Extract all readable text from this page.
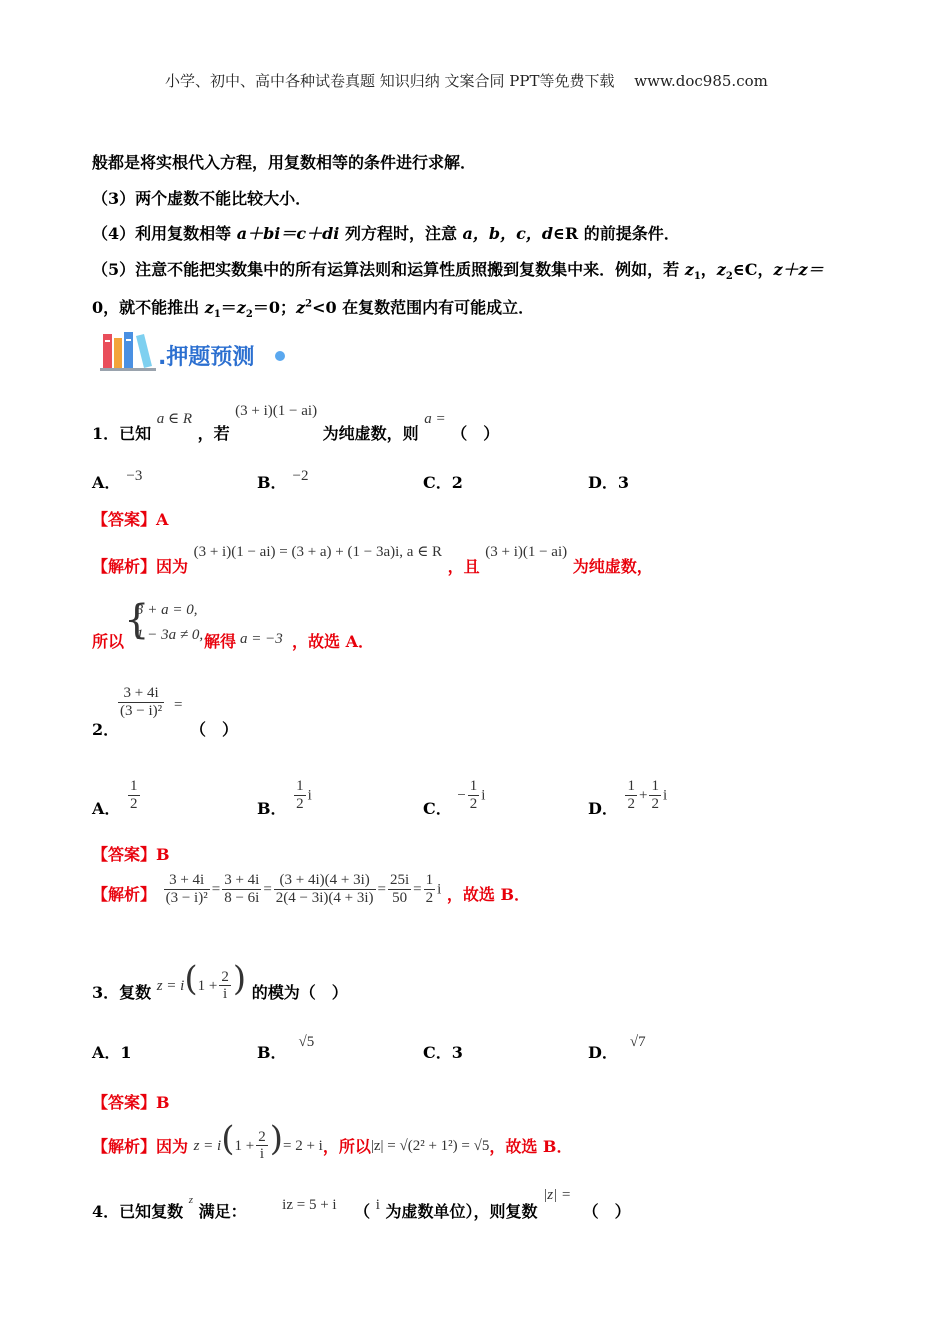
小学、初中、高中各种试卷真题 知识归纳 文案合同 PPT等免费下载　 www.doc985.com
般都是将实根代入方程，用复数相等的条件进行求解．
（3）两个虚数不能比较大小．
（4）利用复数相等 a＋bi＝c＋di 列方程时，注意 a，b，c，d∈R 的前提条件．
（5）注意不能把实数集中的所有运算法则和运算性质照搬到复数集中来．例如，若 $z_1$，$z_2\in C$，z＋z＝
0，就不能推出 $z_1=z_2=0$；$z^2<0$ 在复数范围内有可能成立．
.押题预测
1．已知 a ∈ R ，若 (3 + i)(1 − ai) 为纯虚数，则 a = （　）
A． −3	B． −2	C．2	D．3
【答案】A
【解析】因为 (3 + i)(1 − ai) = (3 + a) + (1 − 3a)i, a ∈ R ，且 (3 + i)(1 − ai) 为纯虚数，
所以 {
3 + a = 0,
1 − 3a ≠ 0, 解得 a = −3 ，故选 A．
$\frac{3 + 4i}{\text{(3 − i)²}}$ =
2．	（　）
A． $\frac{1}{2}$	B． $\frac{1}{2}$ i
C． − $\frac{1}{2}$ i
D． $\frac{1}{2} + \frac{1}{2}$ i
【答案】B
【解析】 $\frac{3 + 4i}{\text{(3 − i)²}} = \frac{3 + 4i}{8 - 6i} = \frac{(3 + 4i)(4 + 3i)}{2(4 - 3i)(4 + 3i)} = \frac{25i}{50} = \frac{1}{2}$ i ，故选 B．
3．复数 $z = i(1 + \frac{2}{i}$ ) 的模为（　）
A．1	B．√5
C．3	D．√7
【答案】B
【解析】因为 $z = i(1 + \frac{2}{i}$ )= 2 + i，所以|z| = √(2² + 1²) = √5，故选 B．
4．已知复数 z 满足： iz = 5 + i （ i 为虚数单位），则复数 |z| = （　）
